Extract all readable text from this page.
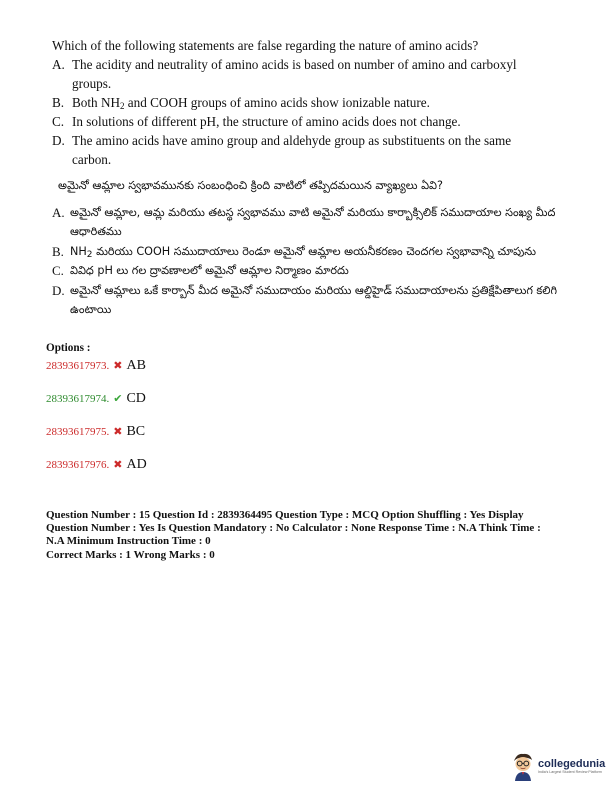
Which of the following statements are false regarding the nature of amino acids?

A. The acidity and neutrality of amino acids is based on number of amino and carboxyl groups.
B. Both $NH_2$ and COOH groups of amino acids show ionizable nature.
C. In solutions of different pH, the structure of amino acids does not change.
D. The amino acids have amino group and aldehyde group as substituents on the same carbon.

అమైనో ఆమ్లాల స్వభావమునకు సంబంధించి క్రింది వాటిలో తప్పిదమయిన వ్యాఖ్యలు ఏవి?

A. అమైనో ఆమ్లాల, ఆమ్ల మరియు తటస్థ స్వభావము వాటి అమైనో మరియు కార్బాక్సిలిక్ సముదాయాల సంఖ్య మీద ఆధారితము
B. $NH_2$ మరియు COOH సముదాయాలు రెండూ అమైనో ఆమ్లాల అయనీకరణం చెందగల స్వభావాన్ని చూపును
C. వివిధ pH లు గల ద్రావణాలలో అమైనో ఆమ్లాల నిర్మాణం మారదు
D. అమైనో ఆమ్లాలు ఒకే కార్బాన్ మీద అమైనో సముదాయం మరియు ఆల్డిహైడ్ సముదాయాలను ప్రతిక్షేపితాలుగ కలిగి ఉంటాయి
Options :
28393617973. ✖ AB
28393617974. ✔ CD
28393617975. ✖ BC
28393617976. ✖ AD
Question Number : 15 Question Id : 2839364495 Question Type : MCQ Option Shuffling : Yes Display
Question Number : Yes Is Question Mandatory : No Calculator : None Response Time : N.A Think Time :
N.A Minimum Instruction Time : 0
Correct Marks : 1 Wrong Marks : 0
collegedunia
India's Largest Student Review Platform
